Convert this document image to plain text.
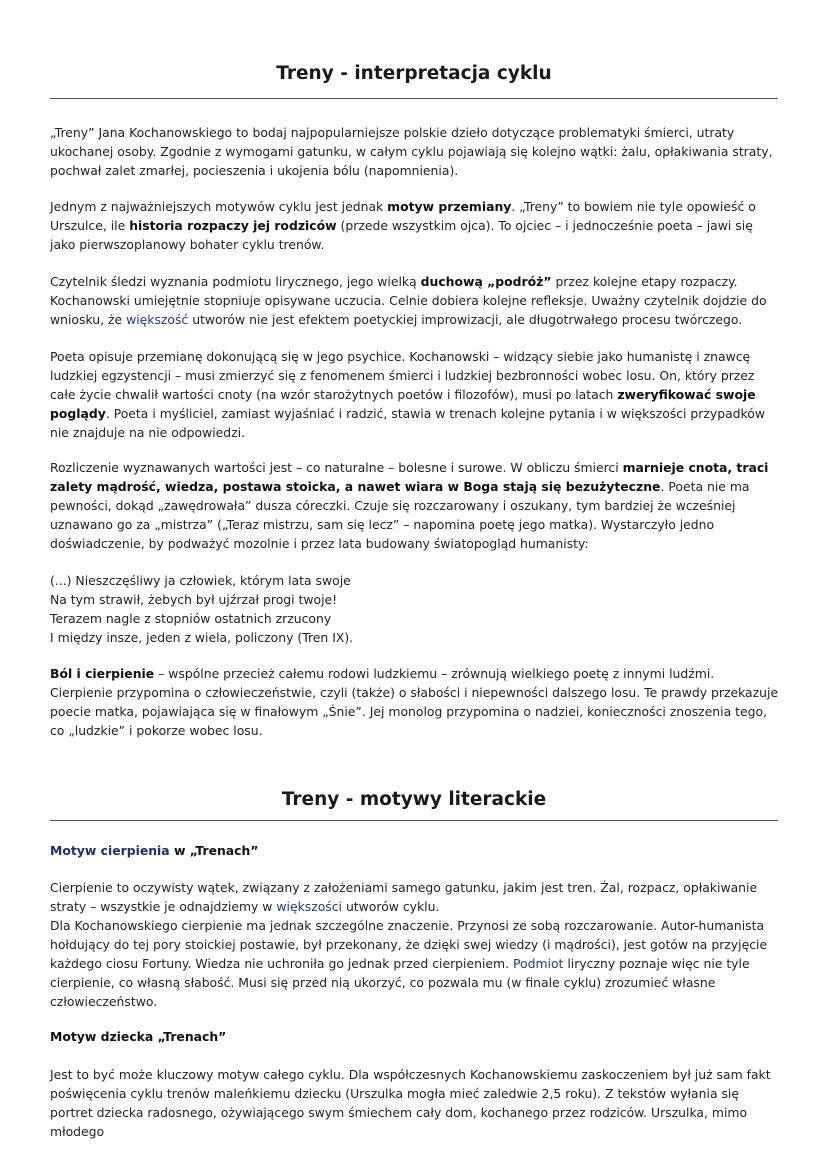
Treny - interpretacja cyklu

„Treny” Jana Kochanowskiego to bodaj najpopularniejsze polskie dzieło dotyczące problematyki śmierci, utraty ukochanej osoby. Zgodnie z wymogami gatunku, w całym cyklu pojawiają się kolejno wątki: żalu, opłakiwania straty, pochwał zalet zmarłej, pocieszenia i ukojenia bólu (napomnienia).

Jednym z najważniejszych motywów cyklu jest jednak motyw przemiany. „Treny” to bowiem nie tyle opowieść o Urszulce, ile historia rozpaczy jej rodziców (przede wszystkim ojca). To ojciec – i jednocześnie poeta – jawi się jako pierwszoplanowy bohater cyklu trenów.

Czytelnik śledzi wyznania podmiotu lirycznego, jego wielką duchową „podróż” przez kolejne etapy rozpaczy. Kochanowski umiejętnie stopniuje opisywane uczucia. Celnie dobiera kolejne refleksje. Uważny czytelnik dojdzie do wniosku, że większość utworów nie jest efektem poetyckiej improwizacji, ale długotrwałego procesu twórczego.

Poeta opisuje przemianę dokonującą się w jego psychice. Kochanowski – widzący siebie jako humanistę i znawcę ludzkiej egzystencji – musi zmierzyć się z fenomenem śmierci i ludzkiej bezbronności wobec losu. On, który przez całe życie chwalił wartości cnoty (na wzór starożytnych poetów i filozofów), musi po latach zweryfikować swoje poglądy. Poeta i myśliciel, zamiast wyjaśniać i radzić, stawia w trenach kolejne pytania i w większości przypadków nie znajduje na nie odpowiedzi.

Rozliczenie wyznawanych wartości jest – co naturalne – bolesne i surowe. W obliczu śmierci marnieje cnota, traci zalety mądrość, wiedza, postawa stoicka, a nawet wiara w Boga stają się bezużyteczne. Poeta nie ma pewności, dokąd „zawędrowała” dusza córeczki. Czuje się rozczarowany i oszukany, tym bardziej że wcześniej uznawano go za „mistrza” („Teraz mistrzu, sam się lecz” – napomina poetę jego matka). Wystarczyło jedno doświadczenie, by podważyć mozolnie i przez lata budowany światopogląd humanisty:

(...) Nieszczęśliwy ja człowiek, którym lata swoje
Na tym strawił, żebych był ujźrzał progi twoje!
Terazem nagle z stopniów ostatnich zrzucony
I między insze, jeden z wiela, policzony (Tren IX).

Ból i cierpienie – wspólne przecież całemu rodowi ludzkiemu – zrównują wielkiego poetę z innymi ludźmi. Cierpienie przypomina o człowieczeństwie, czyli (także) o słabości i niepewności dalszego losu. Te prawdy przekazuje poecie matka, pojawiająca się w finałowym „Śnie”. Jej monolog przypomina o nadziei, konieczności znoszenia tego, co „ludzkie” i pokorze wobec losu.

Treny - motywy literackie
Motyw cierpienia w „Trenach”

Cierpienie to oczywisty wątek, związany z założeniami samego gatunku, jakim jest tren. Żal, rozpacz, opłakiwanie straty – wszystkie je odnajdziemy w większości utworów cyklu.

Dla Kochanowskiego cierpienie ma jednak szczególne znaczenie. Przynosi ze sobą rozczarowanie. Autor-humanista hołdujący do tej pory stoickiej postawie, był przekonany, że dzięki swej wiedzy (i mądrości), jest gotów na przyjęcie każdego ciosu Fortuny. Wiedza nie uchroniła go jednak przed cierpieniem. Podmiot liryczny poznaje więc nie tyle cierpienie, co własną słabość. Musi się przed nią ukorzyć, co pozwala mu (w finale cyklu) zrozumieć własne człowieczeństwo.

Motyw dziecka „Trenach”

Jest to być może kluczowy motyw całego cyklu. Dla współczesnych Kochanowskiemu zaskoczeniem był już sam fakt poświęcenia cyklu trenów maleńkiemu dziecku (Urszulka mogła mieć zaledwie 2,5 roku). Z tekstów wyłania się portret dziecka radosnego, ożywiającego swym śmiechem cały dom, kochanego przez rodziców. Urszulka, mimo młodego
